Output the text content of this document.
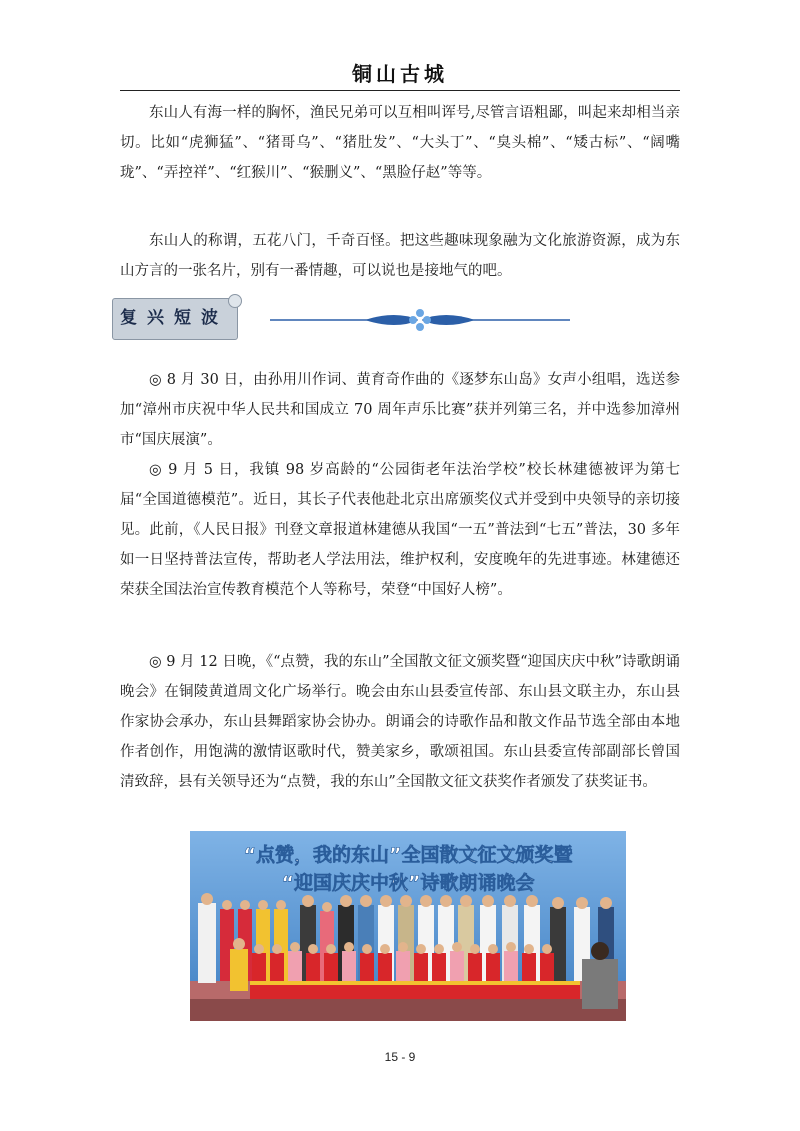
铜山古城

东山人有海一样的胸怀，渔民兄弟可以互相叫诨号,尽管言语粗鄙，叫起来却相当亲切。比如“虎狮猛”、“猪哥乌”、“猪肚发”、“大头丁”、“臭头棉”、“矮古标”、“阔嘴珑”、“弄控祥”、“红猴川”、“猴删义”、“黑脸仔赵”等等。

东山人的称谓，五花八门，千奇百怪。把这些趣味现象融为文化旅游资源，成为东山方言的一张名片，别有一番情趣，可以说也是接地气的吧。

复兴短波

◎ 8 月 30 日，由孙用川作词、黄育奇作曲的《逐梦东山岛》女声小组唱，选送参加“漳州市庆祝中华人民共和国成立 70 周年声乐比赛”获并列第三名，并中选参加漳州市“国庆展演”。

◎ 9 月 5 日，我镇 98 岁高龄的“公园街老年法治学校”校长林建德被评为第七届“全国道德模范”。近日，其长子代表他赴北京出席颁奖仪式并受到中央领导的亲切接见。此前，《人民日报》刊登文章报道林建德从我国“一五”普法到“七五”普法，30 多年如一日坚持普法宣传，帮助老人学法用法，维护权利，安度晚年的先进事迹。林建德还荣获全国法治宣传教育模范个人等称号，荣登“中国好人榜”。

◎ 9 月 12 日晚，《“点赞，我的东山”全国散文征文颁奖暨“迎国庆庆中秋”诗歌朗诵晚会》在铜陵黄道周文化广场举行。晚会由东山县委宣传部、东山县文联主办，东山县作家协会承办，东山县舞蹈家协会协办。朗诵会的诗歌作品和散文作品节选全部由本地作者创作，用饱满的激情讴歌时代，赞美家乡，歌颂祖国。东山县委宣传部副部长曾国清致辞，县有关领导还为“点赞，我的东山”全国散文征文获奖作者颁发了获奖证书。

“点赞，我的东山”全国散文征文颁奖暨
“迎国庆庆中秋”诗歌朗诵晚会
15 - 9
